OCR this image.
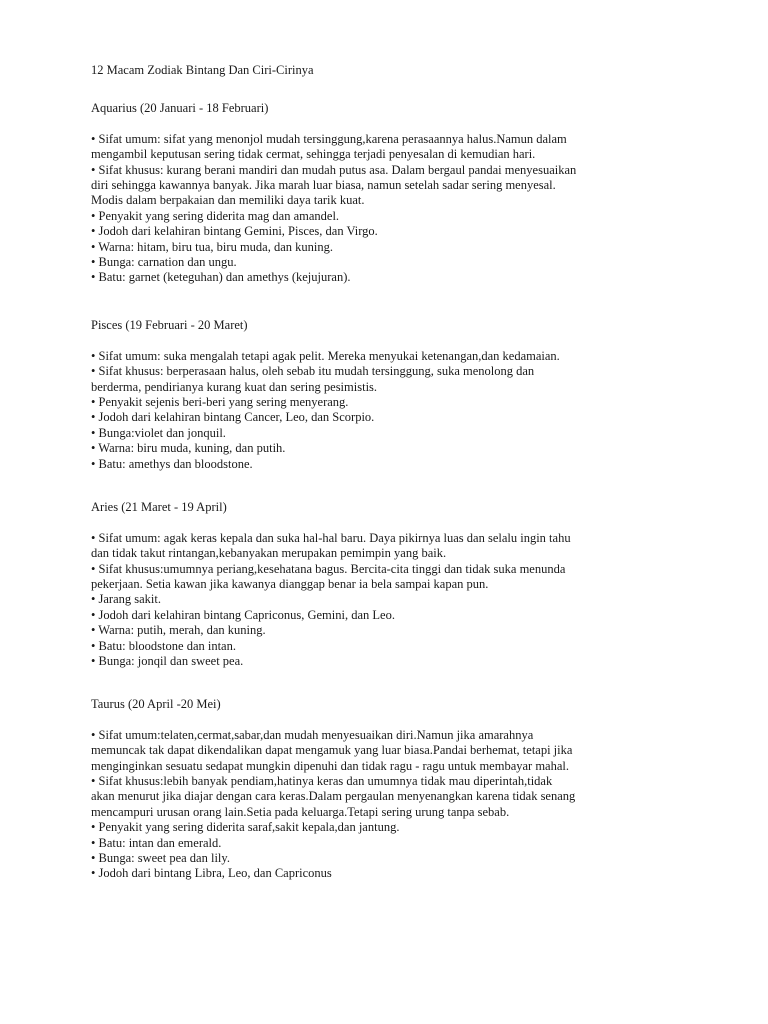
12 Macam Zodiak Bintang Dan Ciri-Cirinya
Aquarius (20 Januari - 18 Februari)
• Sifat umum: sifat yang menonjol mudah tersinggung,karena perasaannya halus.Namun dalam
mengambil keputusan sering tidak cermat, sehingga terjadi penyesalan di kemudian hari.
• Sifat khusus: kurang berani mandiri dan mudah putus asa. Dalam bergaul pandai menyesuaikan
diri sehingga kawannya banyak. Jika marah luar biasa, namun setelah sadar sering menyesal.
Modis dalam berpakaian dan memiliki daya tarik kuat.
• Penyakit yang sering diderita mag dan amandel.
• Jodoh dari kelahiran bintang Gemini, Pisces, dan Virgo.
• Warna: hitam, biru tua, biru muda, dan kuning.
• Bunga: carnation dan ungu.
• Batu: garnet (keteguhan) dan amethys (kejujuran).
Pisces (19 Februari - 20 Maret)
• Sifat umum: suka mengalah tetapi agak pelit. Mereka menyukai ketenangan,dan kedamaian.
• Sifat khusus: berperasaan halus, oleh sebab itu mudah tersinggung, suka menolong dan
berderma, pendirianya kurang kuat dan sering pesimistis.
• Penyakit sejenis beri-beri yang sering menyerang.
• Jodoh dari kelahiran bintang Cancer, Leo, dan Scorpio.
• Bunga:violet dan jonquil.
• Warna: biru muda, kuning, dan putih.
• Batu: amethys dan bloodstone.
Aries (21 Maret - 19 April)
• Sifat umum: agak keras kepala dan suka hal-hal baru. Daya pikirnya luas dan selalu ingin tahu
dan tidak takut rintangan,kebanyakan merupakan pemimpin yang baik.
• Sifat khusus:umumnya periang,kesehatana bagus. Bercita-cita tinggi dan tidak suka menunda
pekerjaan. Setia kawan jika kawanya dianggap benar ia bela sampai kapan pun.
• Jarang sakit.
• Jodoh dari kelahiran bintang Capriconus, Gemini, dan Leo.
• Warna: putih, merah, dan kuning.
• Batu: bloodstone dan intan.
• Bunga: jonqil dan sweet pea.
Taurus (20 April -20 Mei)
• Sifat umum:telaten,cermat,sabar,dan mudah menyesuaikan diri.Namun jika amarahnya
memuncak tak dapat dikendalikan dapat mengamuk yang luar biasa.Pandai berhemat, tetapi jika
menginginkan sesuatu sedapat mungkin dipenuhi dan tidak ragu - ragu untuk membayar mahal.
• Sifat khusus:lebih banyak pendiam,hatinya keras dan umumnya tidak mau diperintah,tidak
akan menurut jika diajar dengan cara keras.Dalam pergaulan menyenangkan karena tidak senang
mencampuri urusan orang lain.Setia pada keluarga.Tetapi sering urung tanpa sebab.
• Penyakit yang sering diderita saraf,sakit kepala,dan jantung.
• Batu: intan dan emerald.
• Bunga: sweet pea dan lily.
• Jodoh dari bintang Libra, Leo, dan Capriconus
